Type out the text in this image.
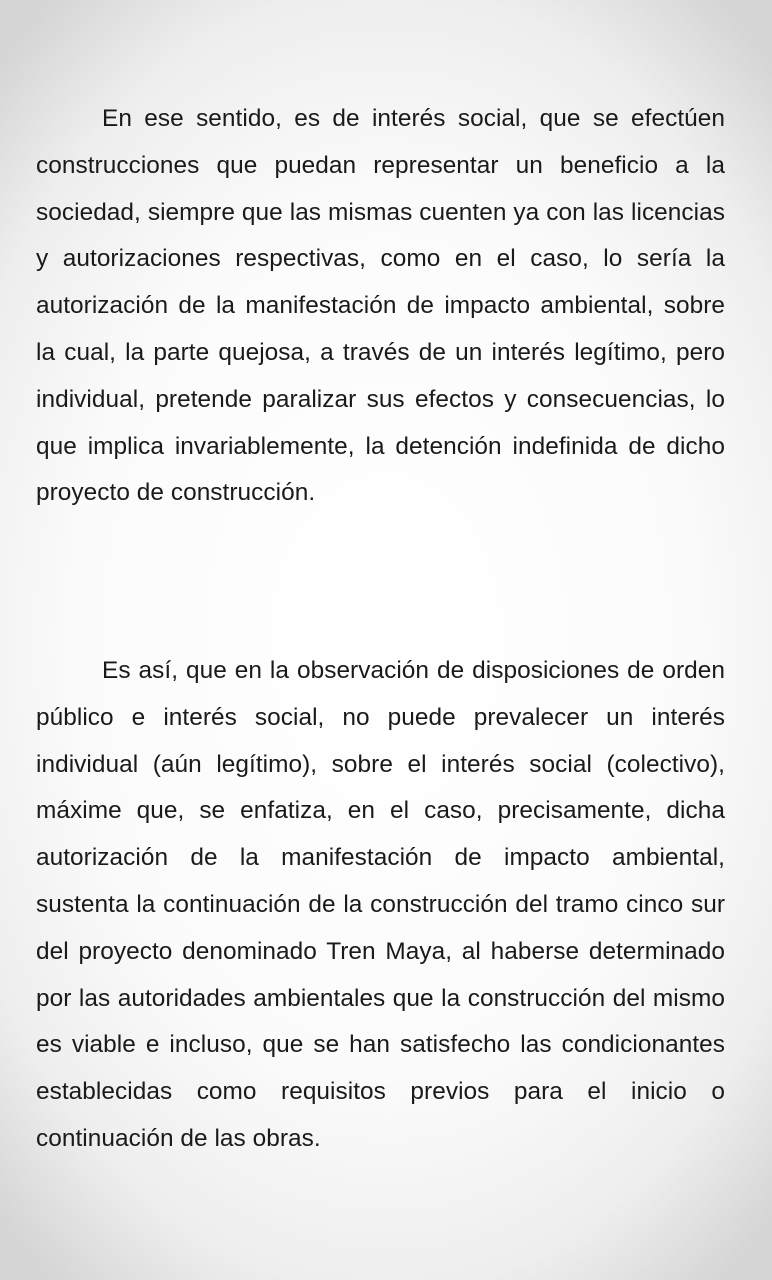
En ese sentido, es de interés social, que se efectúen construcciones que puedan representar un beneficio a la sociedad, siempre que las mismas cuenten ya con las licencias y autorizaciones respectivas, como en el caso, lo sería la autorización de la manifestación de impacto ambiental, sobre la cual, la parte quejosa, a través de un interés legítimo, pero individual, pretende paralizar sus efectos y consecuencias, lo que implica invariablemente, la detención indefinida de dicho proyecto de construcción.

Es así, que en la observación de disposiciones de orden público e interés social, no puede prevalecer un interés individual (aún legítimo), sobre el interés social (colectivo), máxime que, se enfatiza, en el caso, precisamente, dicha autorización de la manifestación de impacto ambiental, sustenta la continuación de la construcción del tramo cinco sur del proyecto denominado Tren Maya, al haberse determinado por las autoridades ambientales que la construcción del mismo es viable e incluso, que se han satisfecho las condicionantes establecidas como requisitos previos para el inicio o continuación de las obras.
